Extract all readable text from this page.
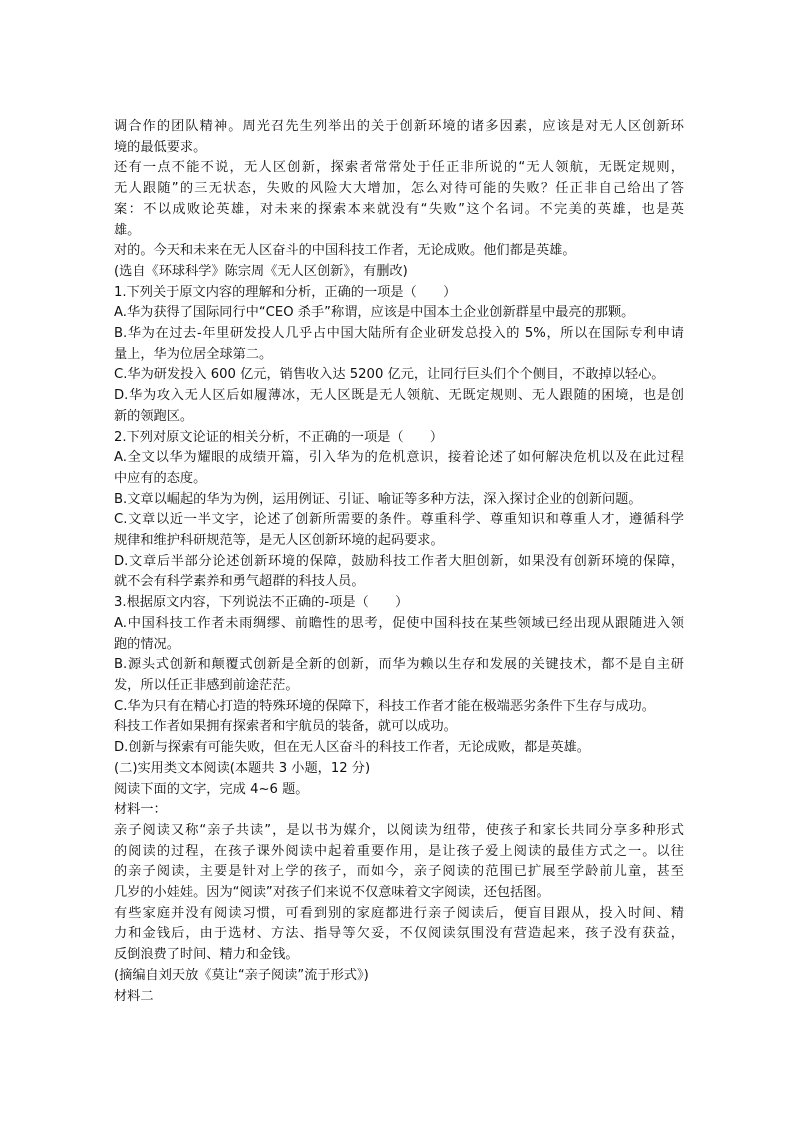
调合作的团队精神。周光召先生列举出的关于创新环境的诸多因素，应该是对无人区创新环

境的最低要求。

还有一点不能不说，无人区创新，探索者常常处于任正非所说的“无人领航，无既定规则，

无人跟随”的三无状态，失败的风险大大增加，怎么对待可能的失败？任正非自己给出了答

案：不以成败论英雄，对未来的探索本来就没有“失败”这个名词。不完美的英雄，也是英

雄。

对的。今天和未来在无人区奋斗的中国科技工作者，无论成败。他们都是英雄。

(选自《环球科学》陈宗周《无人区创新》，有删改)

1.下列关于原文内容的理解和分析，正确的一项是（　　）

A.华为获得了国际同行中“CEO 杀手”称谓，应该是中国本土企业创新群星中最亮的那颗。

B.华为在过去-年里研发投人几乎占中国大陆所有企业研发总投入的 5%，所以在国际专利申请

量上，华为位居全球第二。

C.华为研发投入 600 亿元，销售收入达 5200 亿元，让同行巨头们个个侧目，不敢掉以轻心。

D.华为攻入无人区后如履薄冰，无人区既是无人领航、无既定规则、无人跟随的困境，也是创

新的领跑区。

2.下列对原文论证的相关分析，不正确的一项是（　　）

A.全文以华为耀眼的成绩开篇，引入华为的危机意识，接着论述了如何解决危机以及在此过程

中应有的态度。

B.文章以崛起的华为为例，运用例证、引证、喻证等多种方法，深入探讨企业的创新问题。

C.文章以近一半文字，论述了创新所需要的条件。尊重科学、尊重知识和尊重人才，遵循科学

规律和维护科研规范等，是无人区创新环境的起码要求。

D.文章后半部分论述创新环境的保障，鼓励科技工作者大胆创新，如果没有创新环境的保障，

就不会有科学素养和勇气超群的科技人员。

3.根据原文内容，下列说法不正确的-项是（　　）

A.中国科技工作者未雨绸缪、前瞻性的思考，促使中国科技在某些领域已经出现从跟随进入领

跑的情况。

B.源头式创新和颠覆式创新是全新的创新，而华为赖以生存和发展的关键技术，都不是自主研

发，所以任正非感到前途茫茫。

C.华为只有在精心打造的特殊环境的保障下，科技工作者才能在极端恶劣条件下生存与成功。

科技工作者如果拥有探索者和宇航员的装备，就可以成功。

D.创新与探索有可能失败，但在无人区奋斗的科技工作者，无论成败，都是英雄。

(二)实用类文本阅读(本题共 3 小题，12 分)

阅读下面的文字，完成 4~6 题。

材料一：

亲子阅读又称“亲子共读”，是以书为媒介，以阅读为纽带，使孩子和家长共同分享多种形式

的阅读的过程，在孩子课外阅读中起着重要作用，是让孩子爱上阅读的最佳方式之一。以往

的亲子阅读，主要是针对上学的孩子，而如今，亲子阅读的范围已扩展至学龄前儿童，甚至

几岁的小娃娃。因为“阅读”对孩子们来说不仅意味着文字阅读，还包括图。

有些家庭并没有阅读习惯，可看到别的家庭都进行亲子阅读后，便盲目跟从，投入时间、精

力和金钱后，由于选材、方法、指导等欠妥，不仅阅读氛围没有营造起来，孩子没有获益，

反倒浪费了时间、精力和金钱。

(摘编自刘天放《莫让“亲子阅读”流于形式》)

材料二
